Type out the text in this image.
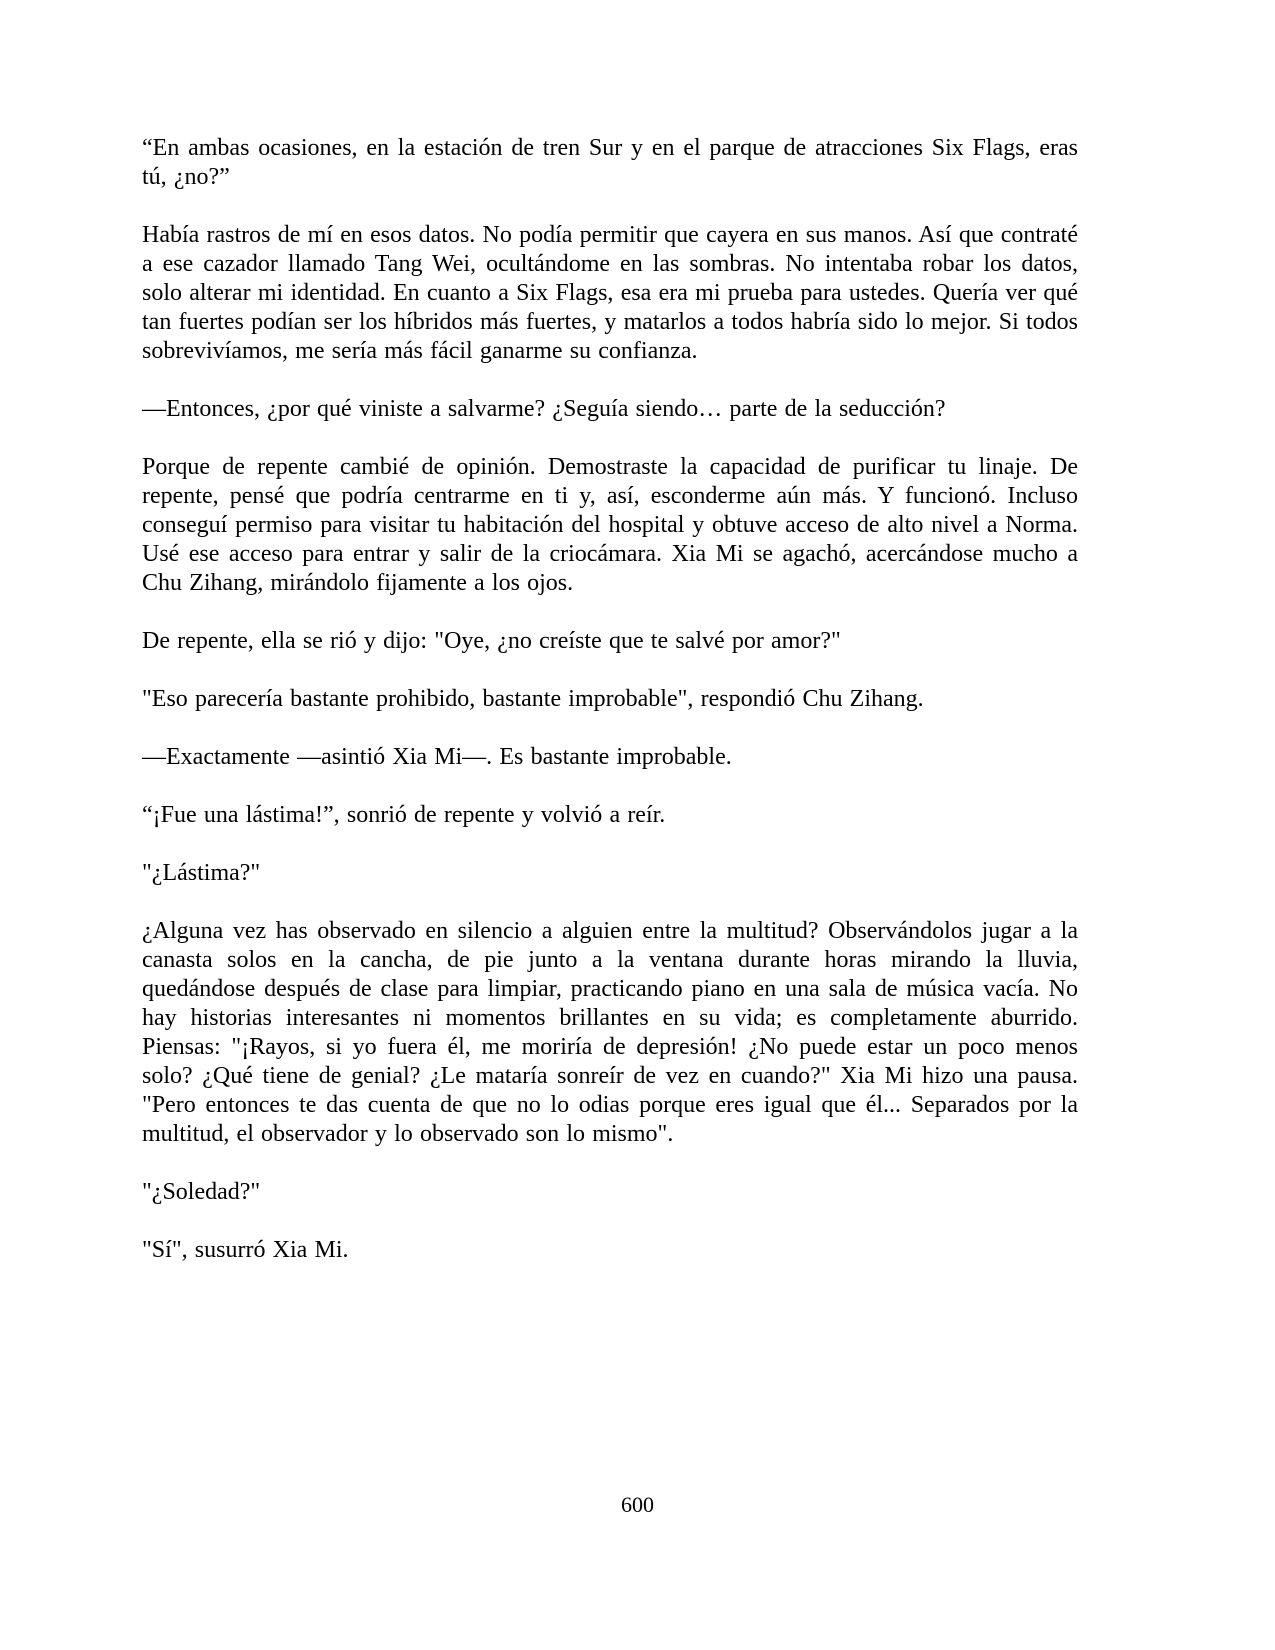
“En ambas ocasiones, en la estación de tren Sur y en el parque de atracciones Six Flags, eras tú, ¿no?”

Había rastros de mí en esos datos. No podía permitir que cayera en sus manos. Así que contraté a ese cazador llamado Tang Wei, ocultándome en las sombras. No intentaba robar los datos, solo alterar mi identidad. En cuanto a Six Flags, esa era mi prueba para ustedes. Quería ver qué tan fuertes podían ser los híbridos más fuertes, y matarlos a todos habría sido lo mejor. Si todos sobrevivíamos, me sería más fácil ganarme su confianza.

—Entonces, ¿por qué viniste a salvarme? ¿Seguía siendo… parte de la seducción?

Porque de repente cambié de opinión. Demostraste la capacidad de purificar tu linaje. De repente, pensé que podría centrarme en ti y, así, esconderme aún más. Y funcionó. Incluso conseguí permiso para visitar tu habitación del hospital y obtuve acceso de alto nivel a Norma. Usé ese acceso para entrar y salir de la criocámara. Xia Mi se agachó, acercándose mucho a Chu Zihang, mirándolo fijamente a los ojos.

De repente, ella se rió y dijo: "Oye, ¿no creíste que te salvé por amor?"

"Eso parecería bastante prohibido, bastante improbable", respondió Chu Zihang.

—Exactamente —asintió Xia Mi—. Es bastante improbable.

“¡Fue una lástima!”, sonrió de repente y volvió a reír.

"¿Lástima?"

¿Alguna vez has observado en silencio a alguien entre la multitud? Observándolos jugar a la canasta solos en la cancha, de pie junto a la ventana durante horas mirando la lluvia, quedándose después de clase para limpiar, practicando piano en una sala de música vacía. No hay historias interesantes ni momentos brillantes en su vida; es completamente aburrido. Piensas: "¡Rayos, si yo fuera él, me moriría de depresión! ¿No puede estar un poco menos solo? ¿Qué tiene de genial? ¿Le mataría sonreír de vez en cuando?" Xia Mi hizo una pausa. "Pero entonces te das cuenta de que no lo odias porque eres igual que él... Separados por la multitud, el observador y lo observado son lo mismo".

"¿Soledad?"

"Sí", susurró Xia Mi.

600
